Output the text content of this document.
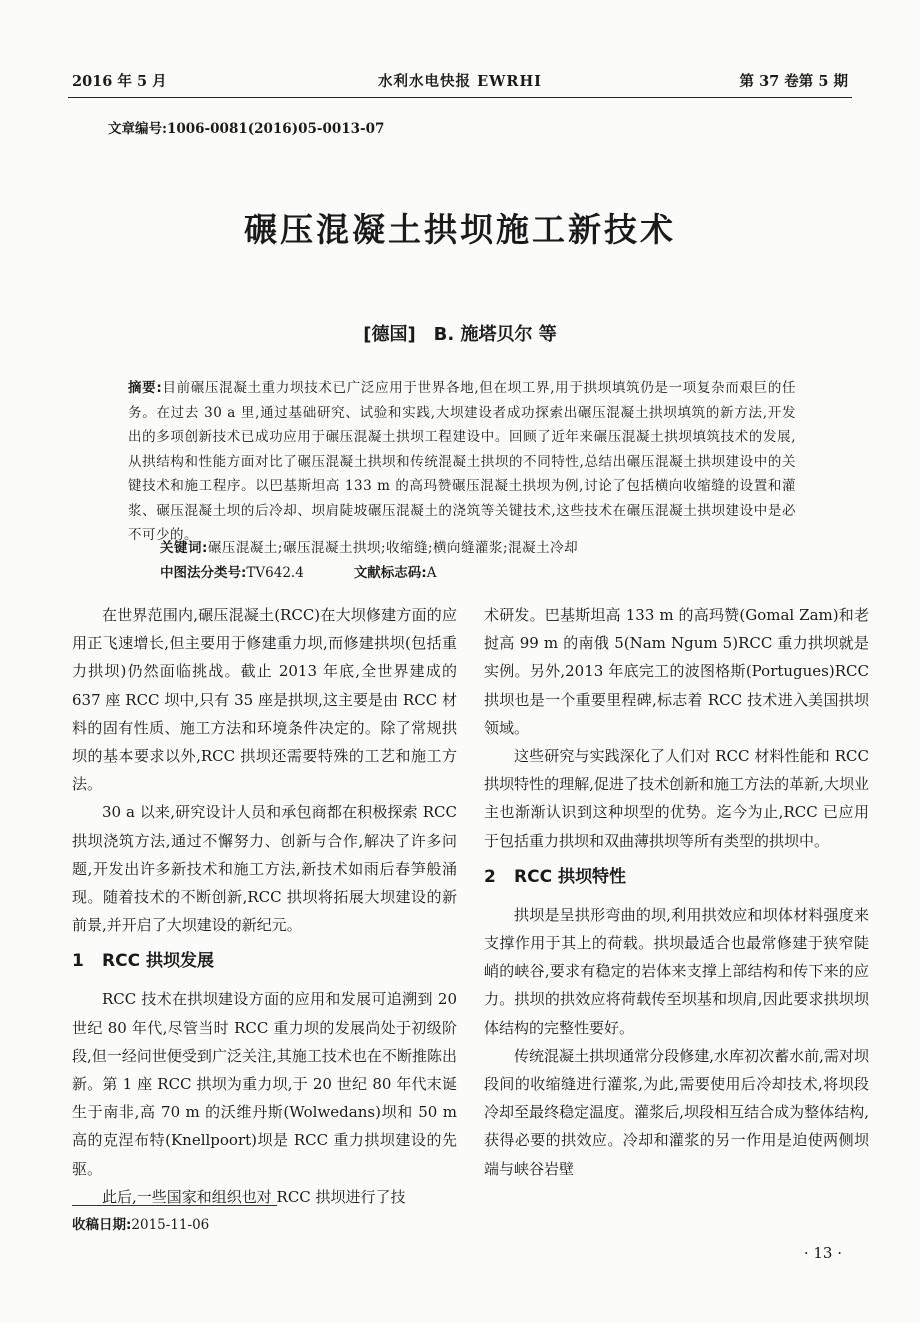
2016 年 5 月	水利水电快报 EWRHI	第 37 卷第 5 期
文章编号:1006-0081(2016)05-0013-07
碾压混凝土拱坝施工新技术
[德国] B. 施塔贝尔 等
摘要:目前碾压混凝土重力坝技术已广泛应用于世界各地,但在坝工界,用于拱坝填筑仍是一项复杂而艰巨的任务。在过去 30 a 里,通过基础研究、试验和实践,大坝建设者成功探索出碾压混凝土拱坝填筑的新方法,开发出的多项创新技术已成功应用于碾压混凝土拱坝工程建设中。回顾了近年来碾压混凝土拱坝填筑技术的发展,从拱结构和性能方面对比了碾压混凝土拱坝和传统混凝土拱坝的不同特性,总结出碾压混凝土拱坝建设中的关键技术和施工程序。以巴基斯坦高 133 m 的高玛赞碾压混凝土拱坝为例,讨论了包括横向收缩缝的设置和灌浆、碾压混凝土坝的后冷却、坝肩陡坡碾压混凝土的浇筑等关键技术,这些技术在碾压混凝土拱坝建设中是必不可少的。
关键词:碾压混凝土;碾压混凝土拱坝;收缩缝;横向缝灌浆;混凝土冷却
中图法分类号:TV642.4	文献标志码:A

在世界范围内,碾压混凝土(RCC)在大坝修建方面的应用正飞速增长,但主要用于修建重力坝,而修建拱坝(包括重力拱坝)仍然面临挑战。截止 2013 年底,全世界建成的 637 座 RCC 坝中,只有 35 座是拱坝,这主要是由 RCC 材料的固有性质、施工方法和环境条件决定的。除了常规拱坝的基本要求以外,RCC 拱坝还需要特殊的工艺和施工方法。

30 a 以来,研究设计人员和承包商都在积极探索 RCC 拱坝浇筑方法,通过不懈努力、创新与合作,解决了许多问题,开发出许多新技术和施工方法,新技术如雨后春笋般涌现。随着技术的不断创新,RCC 拱坝将拓展大坝建设的新前景,并开启了大坝建设的新纪元。

1 RCC 拱坝发展

RCC 技术在拱坝建设方面的应用和发展可追溯到 20 世纪 80 年代,尽管当时 RCC 重力坝的发展尚处于初级阶段,但一经问世便受到广泛关注,其施工技术也在不断推陈出新。第 1 座 RCC 拱坝为重力坝,于 20 世纪 80 年代末诞生于南非,高 70 m 的沃维丹斯(Wolwedans)坝和 50 m 高的克涅布特(Knellpoort)坝是 RCC 重力拱坝建设的先驱。

此后,一些国家和组织也对 RCC 拱坝进行了技

术研发。巴基斯坦高 133 m 的高玛赞(Gomal Zam)和老挝高 99 m 的南俄 5(Nam Ngum 5)RCC 重力拱坝就是实例。另外,2013 年底完工的波图格斯(Portugues)RCC 拱坝也是一个重要里程碑,标志着 RCC 技术进入美国拱坝领域。

这些研究与实践深化了人们对 RCC 材料性能和 RCC 拱坝特性的理解,促进了技术创新和施工方法的革新,大坝业主也渐渐认识到这种坝型的优势。迄今为止,RCC 已应用于包括重力拱坝和双曲薄拱坝等所有类型的拱坝中。

2 RCC 拱坝特性

拱坝是呈拱形弯曲的坝,利用拱效应和坝体材料强度来支撑作用于其上的荷载。拱坝最适合也最常修建于狭窄陡峭的峡谷,要求有稳定的岩体来支撑上部结构和传下来的应力。拱坝的拱效应将荷载传至坝基和坝肩,因此要求拱坝坝体结构的完整性要好。

传统混凝土拱坝通常分段修建,水库初次蓄水前,需对坝段间的收缩缝进行灌浆,为此,需要使用后冷却技术,将坝段冷却至最终稳定温度。灌浆后,坝段相互结合成为整体结构,获得必要的拱效应。冷却和灌浆的另一作用是迫使两侧坝端与峡谷岩壁

收稿日期:2015-11-06
· 13 ·
